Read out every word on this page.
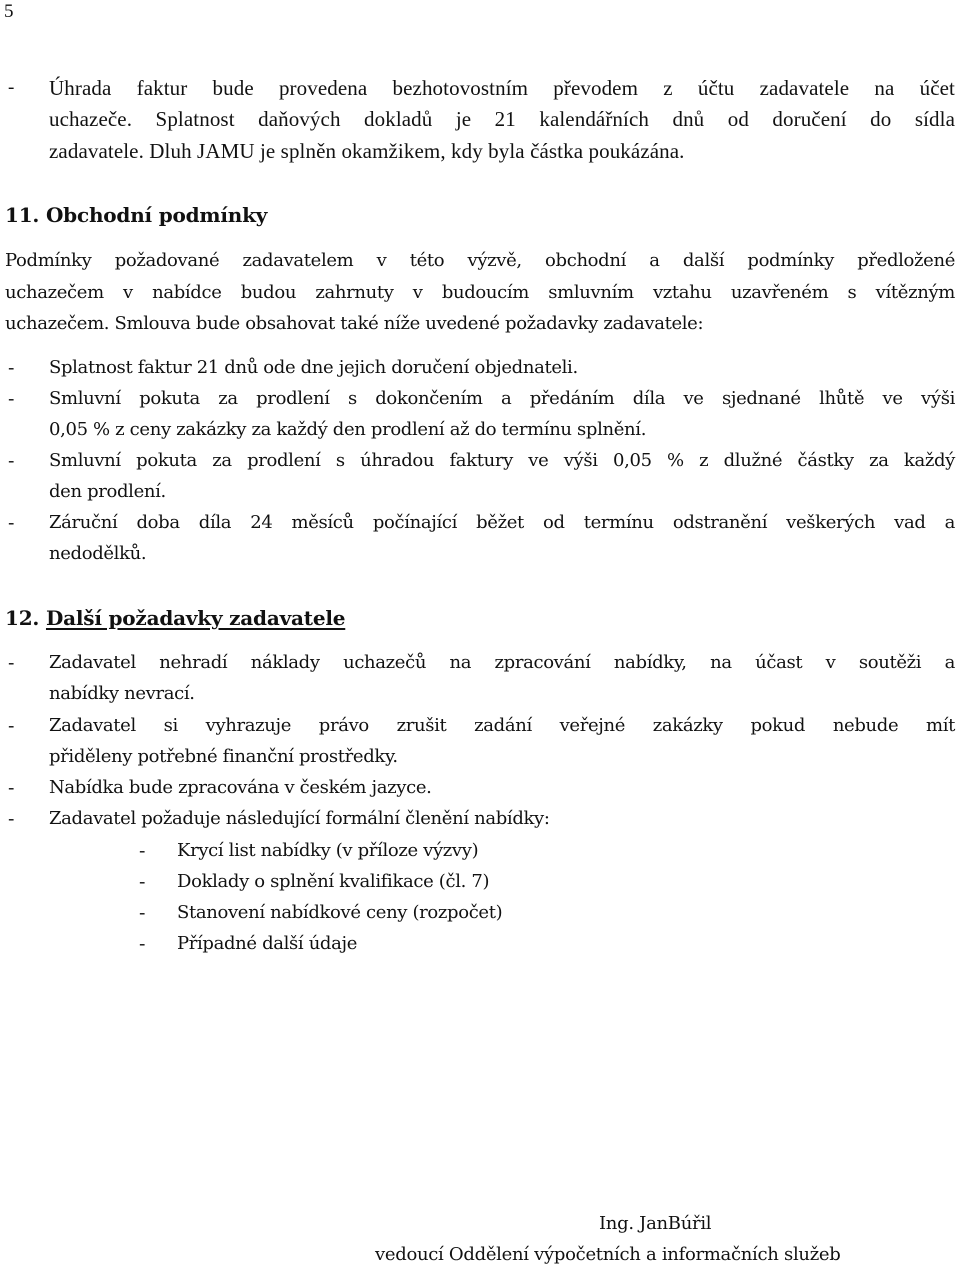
5
- Úhrada faktur bude provedena bezhotovostním převodem z účtu zadavatele na účet
uchazeče. Splatnost daňových dokladů je 21 kalendářních dnů od doručení do sídla
zadavatele. Dluh JAMU je splněn okamžikem, kdy byla částka poukázána.
11. Obchodní podmínky
Podmínky požadované zadavatelem v této výzvě, obchodní a další podmínky předložené
uchazečem v nabídce budou zahrnuty v budoucím smluvním vztahu uzavřeném s vítězným
uchazečem. Smlouva bude obsahovat také níže uvedené požadavky zadavatele:
- Splatnost faktur 21 dnů ode dne jejich doručení objednateli.
- Smluvní pokuta za prodlení s dokončením a předáním díla ve sjednané lhůtě ve výši
0,05 % z ceny zakázky za každý den prodlení až do termínu splnění.
- Smluvní pokuta za prodlení s úhradou faktury ve výši 0,05 % z dlužné částky za každý
den prodlení.
- Záruční doba díla 24 měsíců počínající běžet od termínu odstranění veškerých vad a
nedodělků.
12. Další požadavky zadavatele
- Zadavatel nehradí náklady uchazečů na zpracování nabídky, na účast v soutěži a
nabídky nevrací.
- Zadavatel si vyhrazuje právo zrušit zadání veřejné zakázky pokud nebude mít
přiděleny potřebné finanční prostředky.
- Nabídka bude zpracována v českém jazyce.
- Zadavatel požaduje následující formální členění nabídky:
- Krycí list nabídky (v příloze výzvy)
- Doklady o splnění kvalifikace (čl. 7)
- Stanovení nabídkové ceny (rozpočet)
- Případné další údaje
Ing. JanBúřil
vedoucí Oddělení výpočetních a informačních služeb
